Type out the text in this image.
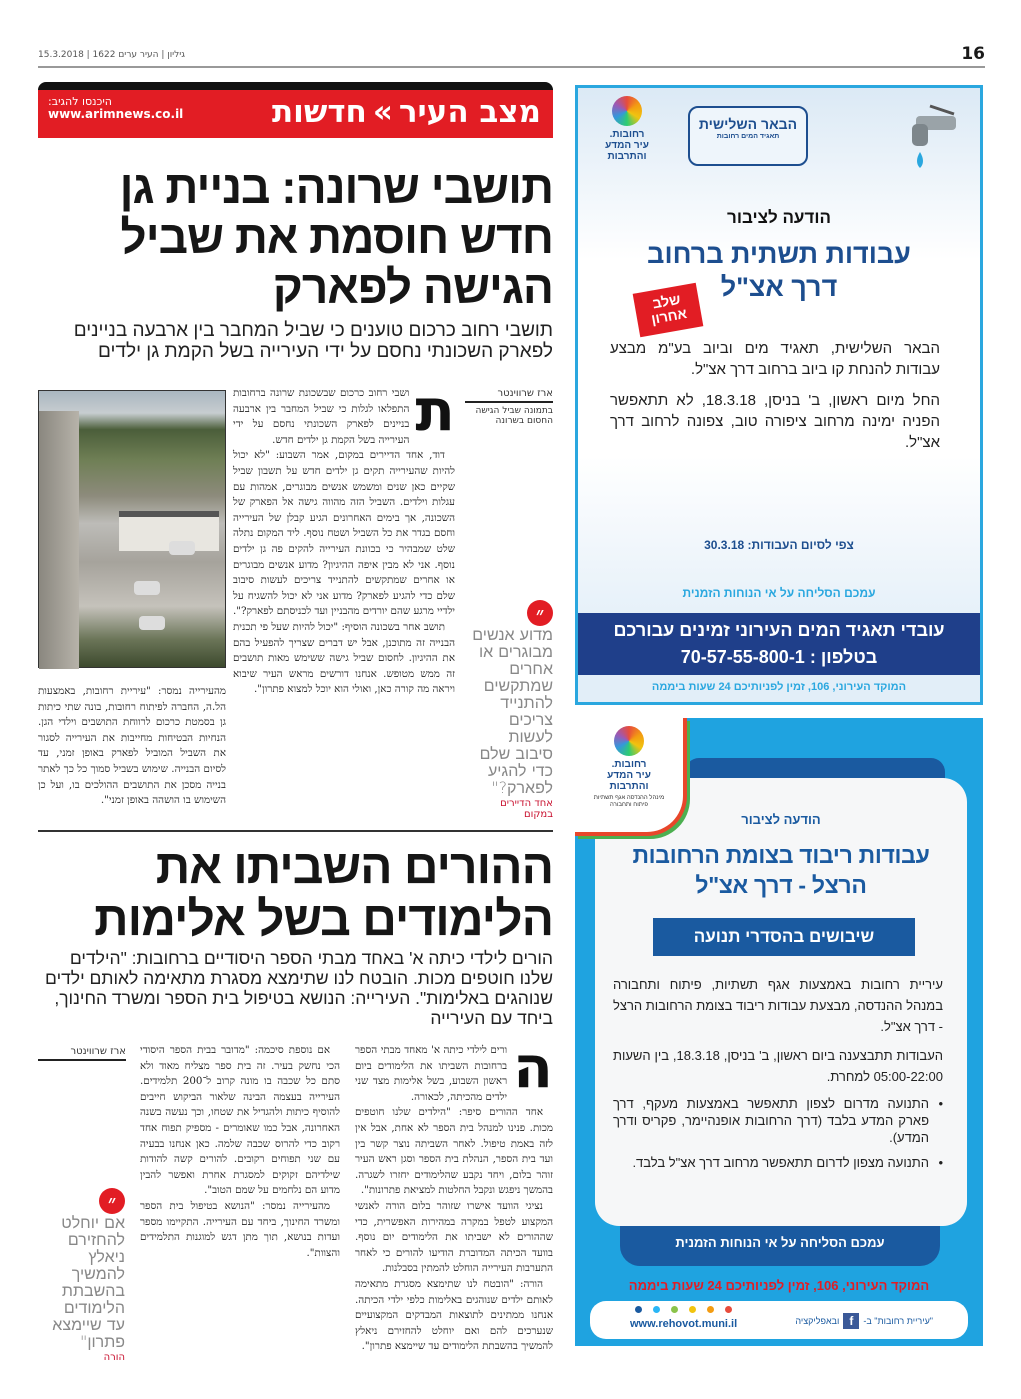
15.3.2018 | 1622 גיליון | העיר ערים	16
מצב העיר»חדשות
היכנסו להגיב:
www.arimnews.co.il
תושבי שרונה: בניית גן חדש חוסמת את שביל הגישה לפארק
תושבי רחוב כרכום טוענים כי שביל המחבר בין ארבעה בניינים לפארק השכונתי נחסם על ידי העירייה בשל הקמת גן ילדים
ארז שרווינטר
בתמונה שביל הגישה החסום בשרונה
ת

ושבי רחוב כרכום שבשכונת שרונה ברחובות התפלאו לגלות כי שביל המחבר בין ארבעה בניינים לפארק השכונתי נחסם על ידי העירייה בשל הקמת גן ילדים חדש.

דוד, אחד הדיירים במקום, אמר השבוע: "לא יכול להיות שהעירייה תקים גן ילדים חדש על תשבון שביל שקיים כאן שנים ומשמש אנשים מבוגרים, אמהות עם עגלות וילדים. השביל הזה מהווה גישה אל הפארק של השכונה, אך בימים האחרונים הגיע קבלן של העירייה וחסם בגדר את כל השביל ושטח נוסף. ליד המקום נתלה שלט שמבהיר כי בכוונת העירייה להקים פה גן ילדים נוסף. אני לא מבין איפה ההיגיון? מדוע אנשים מבוגרים או אחרים שמתקשים להתנייד צריכים לעשות סיבוב שלם כדי להגיע לפארק? מדוע אני לא יכול להשגיח על ילדיי מרגע שהם יורדים מהבניין ועד לכניסתם לפארק?".

תושב אחר בשכונה הוסיף: "יכול להיות שעל פי תכנית הבנייה זה מתוכנן, אבל יש דברים שצריך להפעיל בהם את ההיגיון. לחסום שביל גישה ששימש מאות תושבים זה ממש מטופש. אנחנו דורשים מראש העיר שיבוא ויראה מה קורה כאן, ואולי הוא יוכל למצוא פתרון".

מהעירייה נמסר: "עיריית רחובות, באמצעות הל.ה, החברה לפיתוח רחובות, בונה שתי כיתות גן בסמטת כרכום לרווחת התושבים וילדי הגן. הנחיות הבטיחות מחייבות את העירייה לסגור את השביל המוביל לפארק באופן זמני, עד לסיום הבנייה. שימוש בשביל סמוך כל כך לאתר בנייה מסכן את התושבים ההולכים בו, ועל כן השימוש בו הושהה באופן זמני".

״
מדוע אנשים מבוגרים או אחרים שמתקשים להתנייד צריכים לעשות סיבוב שלם כדי להגיע לפארק?"
אחד הדיירים במקום
ההורים השביתו את הלימודים בשל אלימות
הורים לילדי כיתה א' באחד מבתי הספר היסודיים ברחובות: "הילדים שלנו חוטפים מכות. הובטח לנו שתימצא מסגרת מתאימה לאותם ילדים שנוהגים באלימות". העירייה: הנושא בטיפול בית הספר ומשרד החינוך, ביחד עם העירייה
ה

ורים לילדי כיתה א' מאחד מבתי הספר ברחובות השביתו את הלימודים ביום ראשון השבוע, בשל אלימות מצד שני ילדים מהכיתה, לכאורה.

אחד ההורים סיפר: "הילדים שלנו חוטפים מכות. פנינו למנהל בית הספר לא אחת, אבל אין לזה באמת טיפול. לאחר השביתה נוצר קשר בין ועד בית הספר, הנהלת בית הספר וסגן ראש העיר זוהר בלום, ויחד נקבע שהלימודים יחזרו לשגרה. בהמשך ניפגש ונקבל החלטות למציאת פתרונות".

נציגי הוועד אישרו שזוהר בלום הורה לאנשי המקצוע לטפל במקרה במהירות האפשרית, כדי שההורים לא ישביתו את הלימודים יום נוסף. בוועד הכיתה המדוברת הודיעו להורים כי לאחר התערבות העירייה הוחלט להמתין בסבלנות.

הורה: "הובטח לנו שתימצא מסגרת מתאימה לאותם ילדים שנוהגים באלימות כלפי ילדי הכיתה. אנחנו ממתינים לתוצאות המבדקים המקצועיים שנערכים להם ואם יוחלט להחזירם ניאלץ להמשיך בהשבתת הלימודים עד שיימצא פתרון".

אם נוספת סיכמה: "מדובר בבית הספר היסודי הכי נחשק בעיר. זה בית ספר מצליח מאוד ולא סתם כל שכבה בו מונה קרוב ל־200 תלמידים. העירייה בעצמה הבינה שלאור הביקוש חייבים להוסיף כיתות ולהגדיל את שטחו, וכך נעשה בשנה האחרונה, אבל כמו שאומרים - מספיק תפוח אחד רקוב כדי להרוס שכבה שלמה. כאן אנחנו בבעיה עם שני תפוחים רקובים. להורים קשה להודות שילדיהם זקוקים למסגרת אחרת ואפשר להבין מדוע הם נלחמים על שמם הטוב".

מהעירייה נמסר: "הנושא בטיפול בית הספר ומשרד החינוך, ביחד עם העירייה. התקיימו מספר ועדות בנושא, תוך מתן דגש למוגנות התלמידים והצוות".

ארז שרווינטר
״
אם יוחלט להחזירם ניאלץ להמשיך בהשבתת הלימודים עד שיימצא פתרון"
הורה
רחובות.
עיר המדע
והתרבות
הבאר השלישית
תאגיד המים רחובות
הודעה לציבור
עבודות תשתית ברחוב
דרך אצ"ל
שלב אחרון

הבאר השלישית, תאגיד מים וביוב בע"מ מבצע עבודות להנחת קו ביוב ברחוב דרך אצ"ל.

החל מיום ראשון, ב' בניסן, 18.3.18, לא תתאפשר הפניה ימינה מרחוב ציפורה טוב, צפונה לרחוב דרך אצ"ל.

צפי לסיום העבודות: 30.3.18
עמכם הסליחה על אי הנוחות הזמנית
עובדי תאגיד המים העירוני זמינים עבורכם
בטלפון : 70-57-55-800-1
המוקד העירוני, 106, זמין לפניותיכם 24 שעות ביממה
הודעה לציבור
עבודות ריבוד בצומת הרחובות
הרצל - דרך אצ"ל
שיבושים בהסדרי תנועה

עיריית רחובות באמצעות אגף תשתיות, פיתוח ותחבורה במנהל ההנדסה, מבצעת עבודות ריבוד בצומת הרחובות הרצל - דרך אצ"ל.

העבודות תתבצענה ביום ראשון, ב' בניסן, 18.3.18, בין השעות 05:00-22:00 למחרת.

• התנועה מדרום לצפון תתאפשר באמצעות מעקף, דרך פארק המדע בלבד (דרך הרחובות אופנהיימר, פקריס ודרך המדע).
• התנועה מצפון לדרום תתאפשר מרחוב דרך אצ"ל בלבד.
רחובות.
עיר המדע
והתרבות
מינהל ההנדסה אגף תשתיות פיתוח ותחבורה
עמכם הסליחה על אי הנוחות הזמנית
המוקד העירוני, 106, זמין לפניותיכם 24 שעות ביממה
www.rehovot.muni.il	"עיריית רחובות" ב-
f
ובאפליקציה
